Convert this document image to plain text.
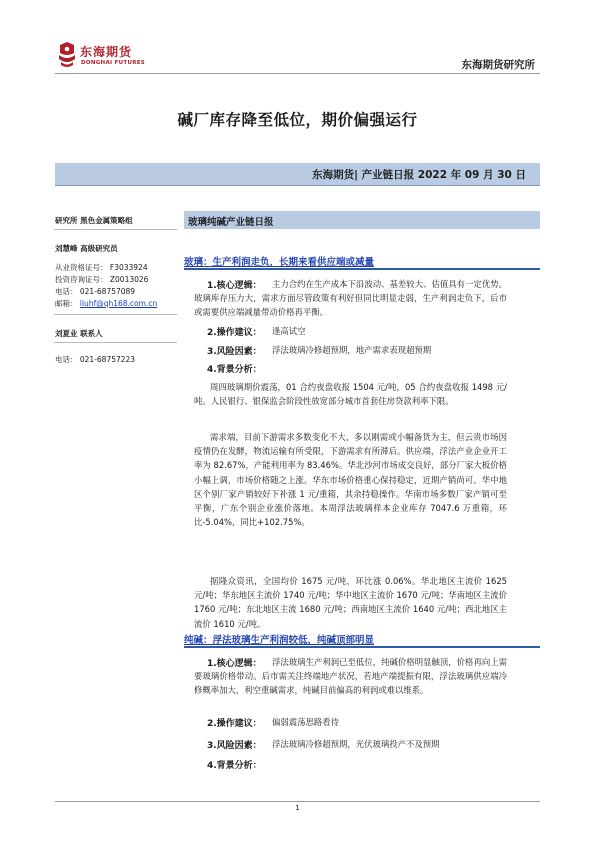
东海期货
DONGHAI FUTURES	东海期货研究所
碱厂库存降至低位，期价偏强运行
东海期货| 产业链日报 2022 年 09 月 30 日
研究所 黑色金属策略组
刘慧峰 高级研究员
从业资格证号： F3033924
投资咨询证号： Z0013026
电话： 021-68757089
邮箱： liuhf@qh168.com.cn
刘夏业 联系人
电话： 021-68757223
玻璃纯碱产业链日报
玻璃：生产利润走负，长期来看供应端或减量
1.核心逻辑：	主力合约在生产成本下沿波动、基差较大、估值具有一定优势。玻璃库存压力大，需求方面尽管政策有利好但同比明显走弱，生产利润走负下，后市或需要供应端减量带动价格再平衡。
2.操作建议： 逢高试空
3.风险因素： 浮法玻璃冷修超预期，地产需求表现超预期
4.背景分析：
周四玻璃期价震荡，01 合约夜盘收报 1504 元/吨，05 合约夜盘收报 1498 元/吨。人民银行、银保监会阶段性放宽部分城市首套住房贷款利率下限。
需求端，目前下游需求多数变化不大，多以刚需或小幅备货为主，但云贵市场因疫情仍在发酵，物流运输有所受限，下游需求有所滞后。供应端，浮法产业企业开工率为 82.67%，产能利用率为 83.46%。华北沙河市场成交良好，部分厂家大板价格小幅上调，市场价格随之上涨。华东市场价格重心保持稳定，近期产销尚可。华中地区个别厂家产销较好下补涨 1 元/重箱，其余持稳操作。华南市场多数厂家产销可至平衡，广东个别企业涨价落地。本周浮法玻璃样本企业库存 7047.6 万重箱，环比-5.04%，同比+102.75%。
据隆众资讯，全国均价 1675 元/吨，环比涨 0.06%。华北地区主流价 1625 元/吨；华东地区主流价 1740 元/吨；华中地区主流价 1670 元/吨；华南地区主流价 1760 元/吨；东北地区主流 1680 元/吨；西南地区主流价 1640 元/吨；西北地区主流价 1610 元/吨。
纯碱：浮法玻璃生产利润较低，纯碱顶部明显
1.核心逻辑：	浮法玻璃生产利润已至低位，纯碱价格明显触顶，价格再向上需要玻璃价格带动。后市需关注终端地产状况，若地产端提振有限，浮法玻璃供应端冷修概率加大，利空重碱需求，纯碱目前偏高的利润或难以维系。
2.操作建议： 偏弱震荡思路看待
3.风险因素： 浮法玻璃冷修超预期，光伏玻璃投产不及预期
4.背景分析：
1
